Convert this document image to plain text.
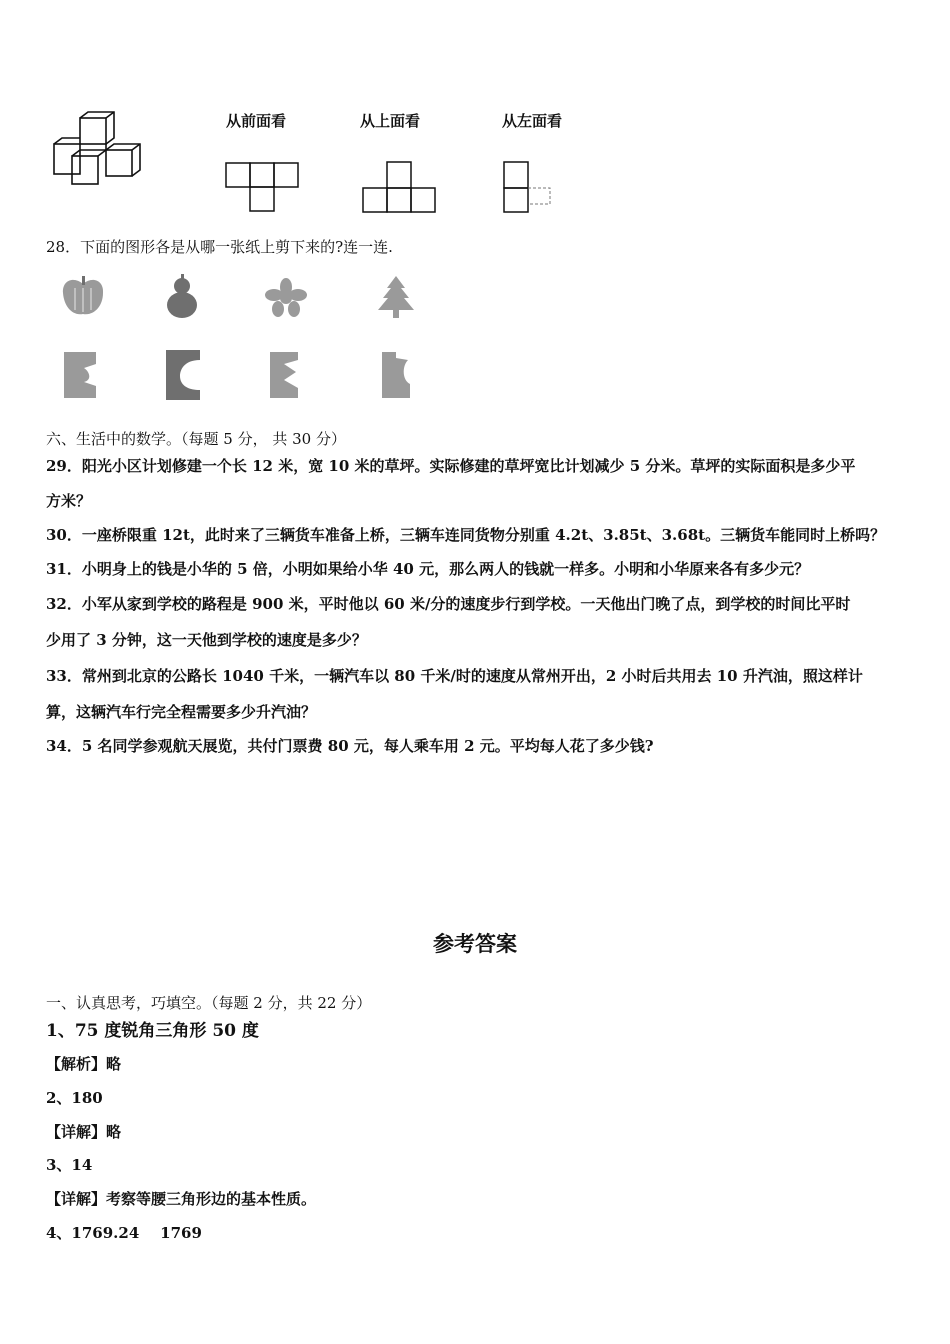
从前面看	从上面看	从左面看
28．下面的图形各是从哪一张纸上剪下来的?连一连.
六、生活中的数学。（每题 5 分， 共 30 分）
29．阳光小区计划修建一个长 12 米，宽 10 米的草坪。实际修建的草坪宽比计划减少 5 分米。草坪的实际面积是多少平
方米？
30．一座桥限重 12t，此时来了三辆货车准备上桥，三辆车连同货物分别重 4.2t、3.85t、3.68t。三辆货车能同时上桥吗？
31．小明身上的钱是小华的 5 倍，小明如果给小华 40 元，那么两人的钱就一样多。小明和小华原来各有多少元？
32．小军从家到学校的路程是 900 米，平时他以 60 米/分的速度步行到学校。一天他出门晚了点，到学校的时间比平时
少用了 3 分钟，这一天他到学校的速度是多少？
33．常州到北京的公路长 1040 千米，一辆汽车以 80 千米/时的速度从常州开出，2 小时后共用去 10 升汽油，照这样计
算，这辆汽车行完全程需要多少升汽油？
34．5 名同学参观航天展览，共付门票费 80 元，每人乘车用 2 元。平均每人花了多少钱?
参考答案
一、认真思考，巧填空。（每题 2 分，共 22 分）
1、75 度锐角三角形 50 度
【解析】略
2、180
【详解】略
3、14
【详解】考察等腰三角形边的基本性质。
4、1769.24    1769
